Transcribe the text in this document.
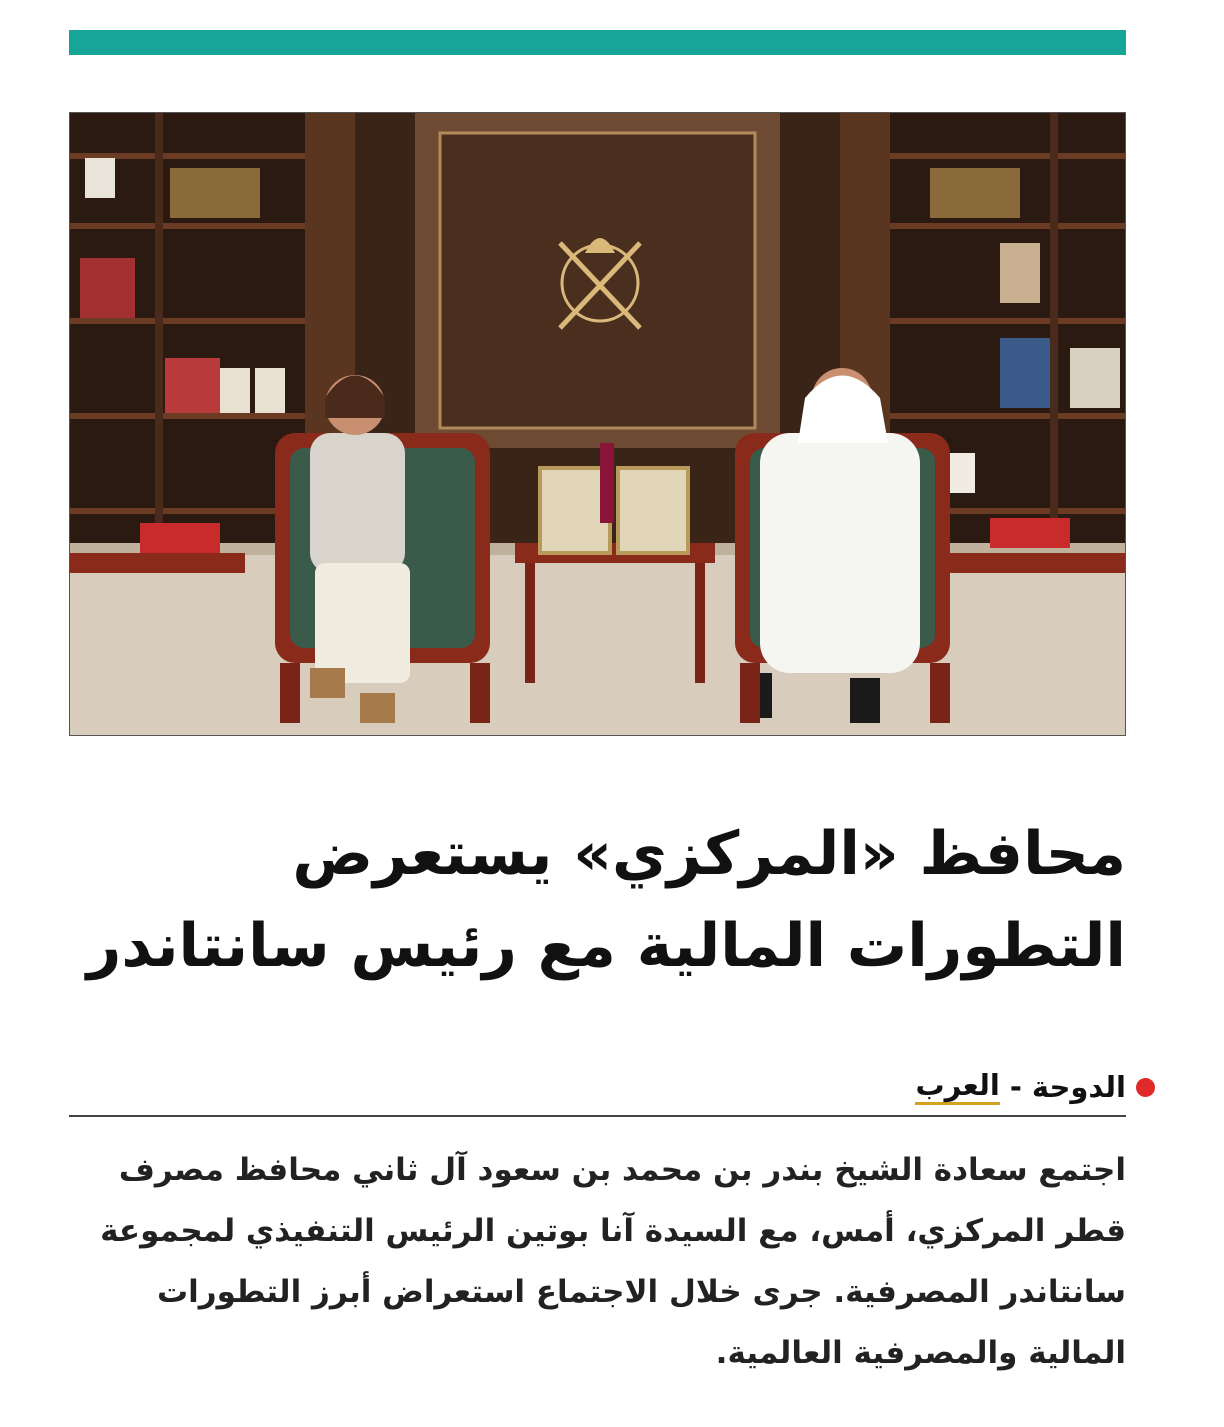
محافظ «المركزي» يستعرض
التطورات المالية مع رئيس سانتاندر
الدوحة
-
العرب
اجتمع سعادة الشيخ بندر بن محمد بن سعود آل ثاني محافظ مصرف
قطر المركزي، أمس، مع السيدة آنا بوتين الرئيس التنفيذي لمجموعة
سانتاندر المصرفية. جرى خلال الاجتماع استعراض أبرز التطورات
المالية والمصرفية العالمية.
